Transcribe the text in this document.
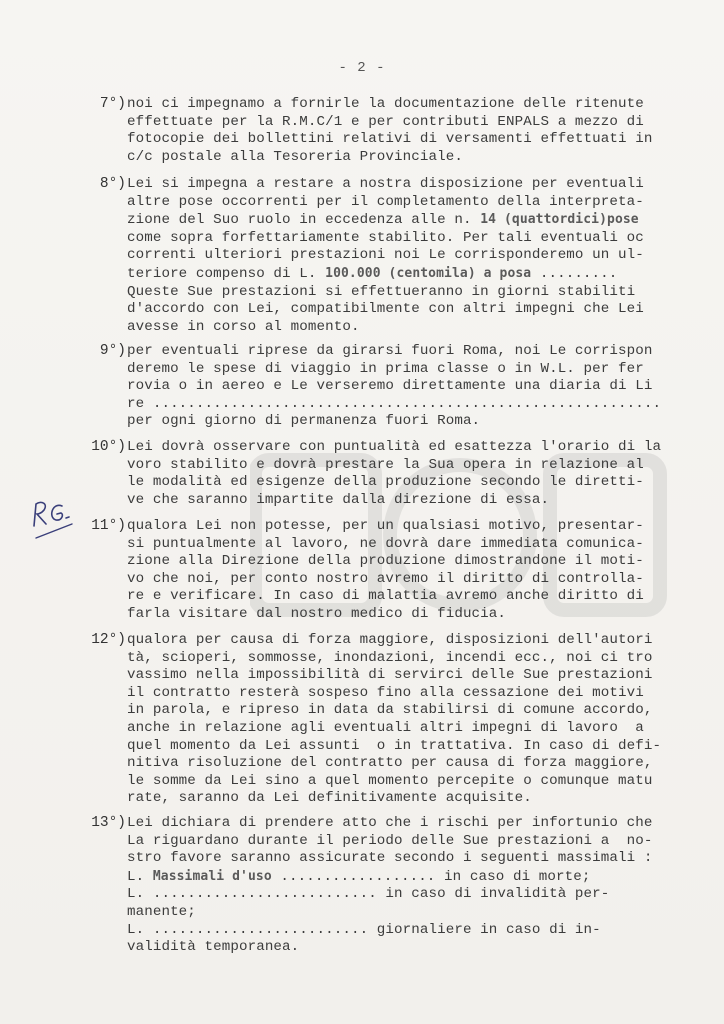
- 2 -
7°) noi ci impegnamo a fornirle la documentazione delle ritenute
effettuate per la R.M.C/1 e per contributi ENPALS a mezzo di
fotocopie dei bollettini relativi di versamenti effettuati in
c/c postale alla Tesoreria Provinciale.
8°) Lei si impegna a restare a nostra disposizione per eventuali
altre pose occorrenti per il completamento della interpreta-
zione del Suo ruolo in eccedenza alle n. 14 (quattordici)pose
come sopra forfettariamente stabilito. Per tali eventuali oc
correnti ulteriori prestazioni noi Le corrisponderemo un ul-
teriore compenso di L. 100.000 (centomila) a posa .........
Queste Sue prestazioni si effettueranno in giorni stabiliti
d'accordo con Lei, compatibilmente con altri impegni che Lei
avesse in corso al momento.
9°) per eventuali riprese da girarsi fuori Roma, noi Le corrispon
deremo le spese di viaggio in prima classe o in W.L. per fer
rovia o in aereo e Le verseremo direttamente una diaria di Li
re ...........................................................
per ogni giorno di permanenza fuori Roma.
10°) Lei dovrà osservare con puntualità ed esattezza l'orario di la
voro stabilito e dovrà prestare la Sua opera in relazione al
le modalità ed esigenze della produzione secondo le diretti-
ve che saranno impartite dalla direzione di essa.
11°) qualora Lei non potesse, per un qualsiasi motivo, presentar-
si puntualmente al lavoro, ne dovrà dare immediata comunica-
zione alla Direzione della produzione dimostrandone il moti-
vo che noi, per conto nostro avremo il diritto di controlla-
re e verificare. In caso di malattia avremo anche diritto di
farla visitare dal nostro medico di fiducia.
12°) qualora per causa di forza maggiore, disposizioni dell'autori
tà, scioperi, sommosse, inondazioni, incendi ecc., noi ci tro
vassimo nella impossibilità di servirci delle Sue prestazioni
il contratto resterà sospeso fino alla cessazione dei motivi
in parola, e ripreso in data da stabilirsi di comune accordo,
anche in relazione agli eventuali altri impegni di lavoro  a
quel momento da Lei assunti  o in trattativa. In caso di defi-
nitiva risoluzione del contratto per causa di forza maggiore,
le somme da Lei sino a quel momento percepite o comunque matu
rate, saranno da Lei definitivamente acquisite.
13°) Lei dichiara di prendere atto che i rischi per infortunio che
La riguardano durante il periodo delle Sue prestazioni a  no-
stro favore saranno assicurate secondo i seguenti massimali :
L. Massimali d'uso .................. in caso di morte;
L. .......................... in caso di invalidità per-
manente;
L. ......................... giornaliere in caso di in-
validità temporanea.
